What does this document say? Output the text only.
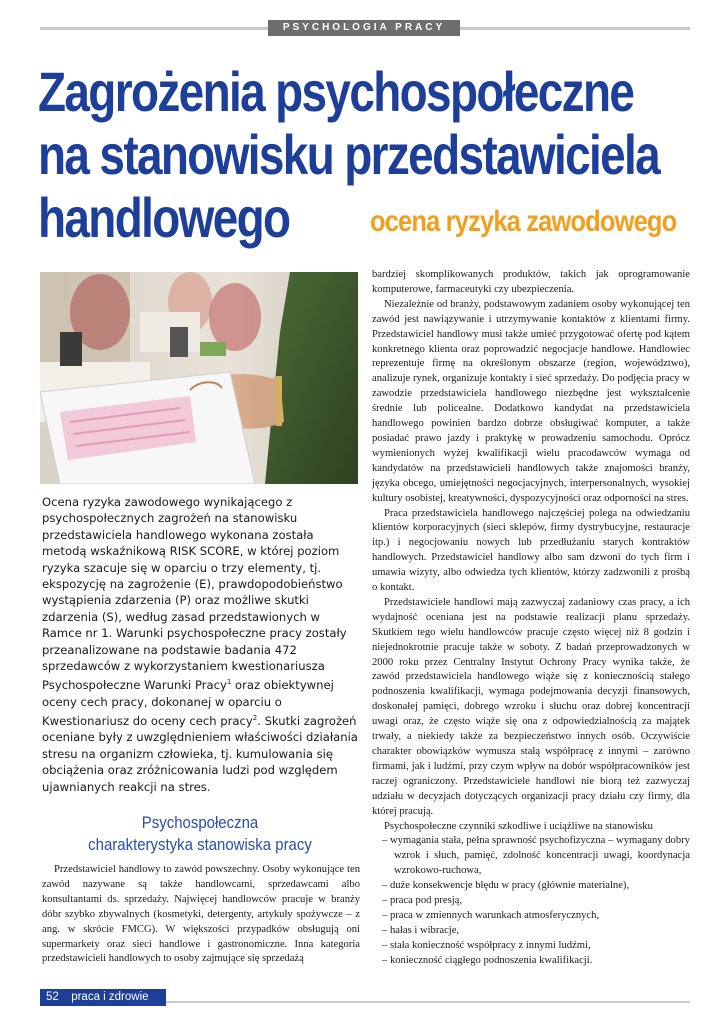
PSYCHOLOGIA PRACY
Zagrożenia psychospołeczne
na stanowisku przedstawiciela
handlowego	ocena ryzyka zawodowego
Ocena ryzyka zawodowego wynikającego z psychospołecznych zagrożeń na stanowisku przedstawiciela handlowego wykonana została metodą wskaźnikową RISK SCORE, w której poziom ryzyka szacuje się w oparciu o trzy elementy, tj. ekspozycję na zagrożenie (E), prawdopodobieństwo wystąpienia zdarzenia (P) oraz możliwe skutki zdarzenia (S), według zasad przedstawionych w Ramce nr 1. Warunki psychospołeczne pracy zostały przeanalizowane na podstawie badania 472 sprzedawców z wykorzystaniem kwestionariusza Psychospołeczne Warunki Pracy$^1$ oraz obiektywnej oceny cech pracy, dokonanej w oparciu o Kwestionariusz do oceny cech pracy$^2$. Skutki zagrożeń oceniane były z uwzględnieniem właściwości działania stresu na organizm człowieka, tj. kumulowania się obciążenia oraz zróżnicowania ludzi pod względem ujawnianych reakcji na stres.
Psychospołeczna
charakterystyka stanowiska pracy

Przedstawiciel handlowy to zawód powszechny. Osoby wykonujące ten zawód nazywane są także handlowcami, sprzedawcami albo konsultantami ds. sprzedaży. Najwięcej handlowców pracuje w branży dóbr szybko zbywalnych (kosmetyki, detergenty, artykuły spożywcze – z ang. w skrócie FMCG). W większości przypadków obsługują oni supermarkety oraz sieci handlowe i gastronomiczne. Inna kategoria przedstawicieli handlowych to osoby zajmujące się sprzedażą

bardziej skomplikowanych produktów, takich jak oprogramowanie komputerowe, farmaceutyki czy ubezpieczenia.

Niezależnie od branży, podstawowym zadaniem osoby wykonującej ten zawód jest nawiązywanie i utrzymywanie kontaktów z klientami firmy. Przedstawiciel handlowy musi także umieć przygotować ofertę pod kątem konkretnego klienta oraz poprowadzić negocjacje handlowe. Handlowiec reprezentuje firmę na określonym obszarze (region, województwo), analizuje rynek, organizuje kontakty i sieć sprzedaży. Do podjęcia pracy w zawodzie przedstawiciela handlowego niezbędne jest wykształcenie średnie lub policealne. Dodatkowo kandydat na przedstawiciela handlowego powinien bardzo dobrze obsługiwać komputer, a także posiadać prawo jazdy i praktykę w prowadzeniu samochodu. Oprócz wymienionych wyżej kwalifikacji wielu pracodawców wymaga od kandydatów na przedstawicieli handlowych także znajomości branży, języka obcego, umiejętności negocjacyjnych, interpersonalnych, wysokiej kultury osobistej, kreatywności, dyspozycyjności oraz odporności na stres.

Praca przedstawiciela handlowego najczęściej polega na odwiedzaniu klientów korporacyjnych (sieci sklepów, firmy dystrybucyjne, restauracje itp.) i negocjowaniu nowych lub przedłużaniu starych kontraktów handlowych. Przedstawiciel handlowy albo sam dzwoni do tych firm i umawia wizyty, albo odwiedza tych klientów, którzy zadzwonili z prośbą o kontakt.

Przedstawiciele handlowi mają zazwyczaj zadaniowy czas pracy, a ich wydajność oceniana jest na podstawie realizacji planu sprzedaży. Skutkiem tego wielu handlowców pracuje często więcej niż 8 godzin i niejednokrotnie pracuje także w soboty. Z badań przeprowadzonych w 2000 roku przez Centralny Instytut Ochrony Pracy wynika także, że zawód przedstawiciela handlowego wiąże się z koniecznością stałego podnoszenia kwalifikacji, wymaga podejmowania decyzji finansowych, doskonałej pamięci, dobrego wzroku i słuchu oraz dobrej koncentracji uwagi oraz, że często wiąże się ona z odpowiedzialnością za majątek trwały, a niekiedy także za bezpieczeństwo innych osób. Oczywiście charakter obowiązków wymusza stałą współpracę z innymi – zarówno firmami, jak i ludźmi, przy czym wpływ na dobór współpracowników jest raczej ograniczony. Przedstawiciele handlowi nie biorą też zazwyczaj udziału w decyzjach dotyczących organizacji pracy działu czy firmy, dla której pracują.

Psychospołeczne czynniki szkodliwe i uciążliwe na stanowisku

– wymagania stała, pełna sprawność psychofizyczna – wymagany dobry wzrok i słuch, pamięć, zdolność koncentracji uwagi, koordynacja wzrokowo-ruchowa,
– duże konsekwencje błędu w pracy (głównie materialne),
– praca pod presją,
– praca w zmiennych warunkach atmosferycznych,
– hałas i wibracje,
– stała konieczność współpracy z innymi ludźmi,
– konieczność ciągłego podnoszenia kwalifikacji.
52 praca i zdrowie
